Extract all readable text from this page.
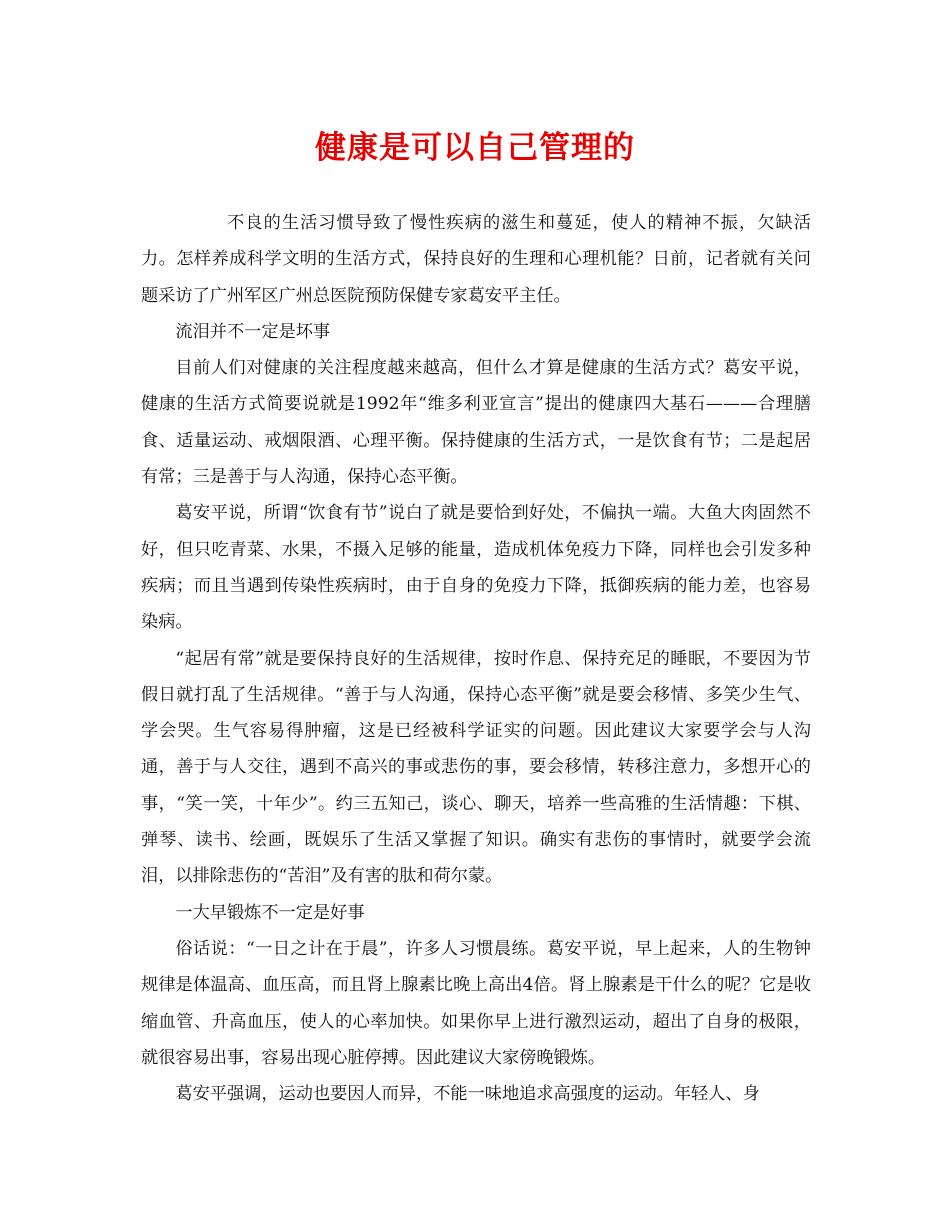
健康是可以自己管理的

不良的生活习惯导致了慢性疾病的滋生和蔓延，使人的精神不振，欠缺活力。怎样养成科学文明的生活方式，保持良好的生理和心理机能？日前，记者就有关问题采访了广州军区广州总医院预防保健专家葛安平主任。

流泪并不一定是坏事

目前人们对健康的关注程度越来越高，但什么才算是健康的生活方式？葛安平说，健康的生活方式简要说就是1992年“维多利亚宣言”提出的健康四大基石———合理膳食、适量运动、戒烟限酒、心理平衡。保持健康的生活方式，一是饮食有节；二是起居有常；三是善于与人沟通，保持心态平衡。

葛安平说，所谓“饮食有节”说白了就是要恰到好处，不偏执一端。大鱼大肉固然不好，但只吃青菜、水果，不摄入足够的能量，造成机体免疫力下降，同样也会引发多种疾病；而且当遇到传染性疾病时，由于自身的免疫力下降，抵御疾病的能力差，也容易染病。

“起居有常”就是要保持良好的生活规律，按时作息、保持充足的睡眠，不要因为节假日就打乱了生活规律。“善于与人沟通，保持心态平衡”就是要会移情、多笑少生气、学会哭。生气容易得肿瘤，这是已经被科学证实的问题。因此建议大家要学会与人沟通，善于与人交往，遇到不高兴的事或悲伤的事，要会移情，转移注意力，多想开心的事，“笑一笑，十年少”。约三五知己，谈心、聊天，培养一些高雅的生活情趣：下棋、弹琴、读书、绘画，既娱乐了生活又掌握了知识。确实有悲伤的事情时，就要学会流泪，以排除悲伤的“苦泪”及有害的肽和荷尔蒙。

一大早锻炼不一定是好事

俗话说：“一日之计在于晨”，许多人习惯晨练。葛安平说，早上起来，人的生物钟规律是体温高、血压高，而且肾上腺素比晚上高出4倍。肾上腺素是干什么的呢？它是收缩血管、升高血压，使人的心率加快。如果你早上进行激烈运动，超出了自身的极限，就很容易出事，容易出现心脏停搏。因此建议大家傍晚锻炼。

葛安平强调，运动也要因人而异，不能一味地追求高强度的运动。年轻人、身
